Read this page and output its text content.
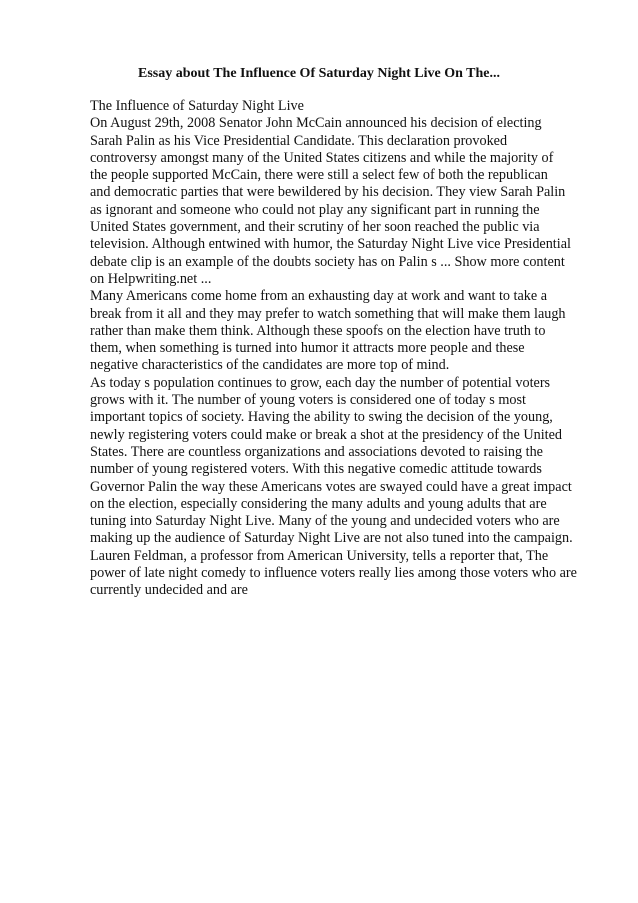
Essay about The Influence Of Saturday Night Live On The...
The Influence of Saturday Night Live
On August 29th, 2008 Senator John McCain announced his decision of electing
Sarah Palin as his Vice Presidential Candidate. This declaration provoked
controversy amongst many of the United States citizens and while the majority of
the people supported McCain, there were still a select few of both the republican
and democratic parties that were bewildered by his decision. They view Sarah Palin
as ignorant and someone who could not play any significant part in running the
United States government, and their scrutiny of her soon reached the public via
television. Although entwined with humor, the Saturday Night Live vice Presidential
debate clip is an example of the doubts society has on Palin s ... Show more content
on Helpwriting.net ...
Many Americans come home from an exhausting day at work and want to take a
break from it all and they may prefer to watch something that will make them laugh
rather than make them think. Although these spoofs on the election have truth to
them, when something is turned into humor it attracts more people and these
negative characteristics of the candidates are more top of mind.
As today s population continues to grow, each day the number of potential voters
grows with it. The number of young voters is considered one of today s most
important topics of society. Having the ability to swing the decision of the young,
newly registering voters could make or break a shot at the presidency of the United
States. There are countless organizations and associations devoted to raising the
number of young registered voters. With this negative comedic attitude towards
Governor Palin the way these Americans votes are swayed could have a great impact
on the election, especially considering the many adults and young adults that are
tuning into Saturday Night Live. Many of the young and undecided voters who are
making up the audience of Saturday Night Live are not also tuned into the campaign.
Lauren Feldman, a professor from American University, tells a reporter that, The
power of late night comedy to influence voters really lies among those voters who are
currently undecided and are
